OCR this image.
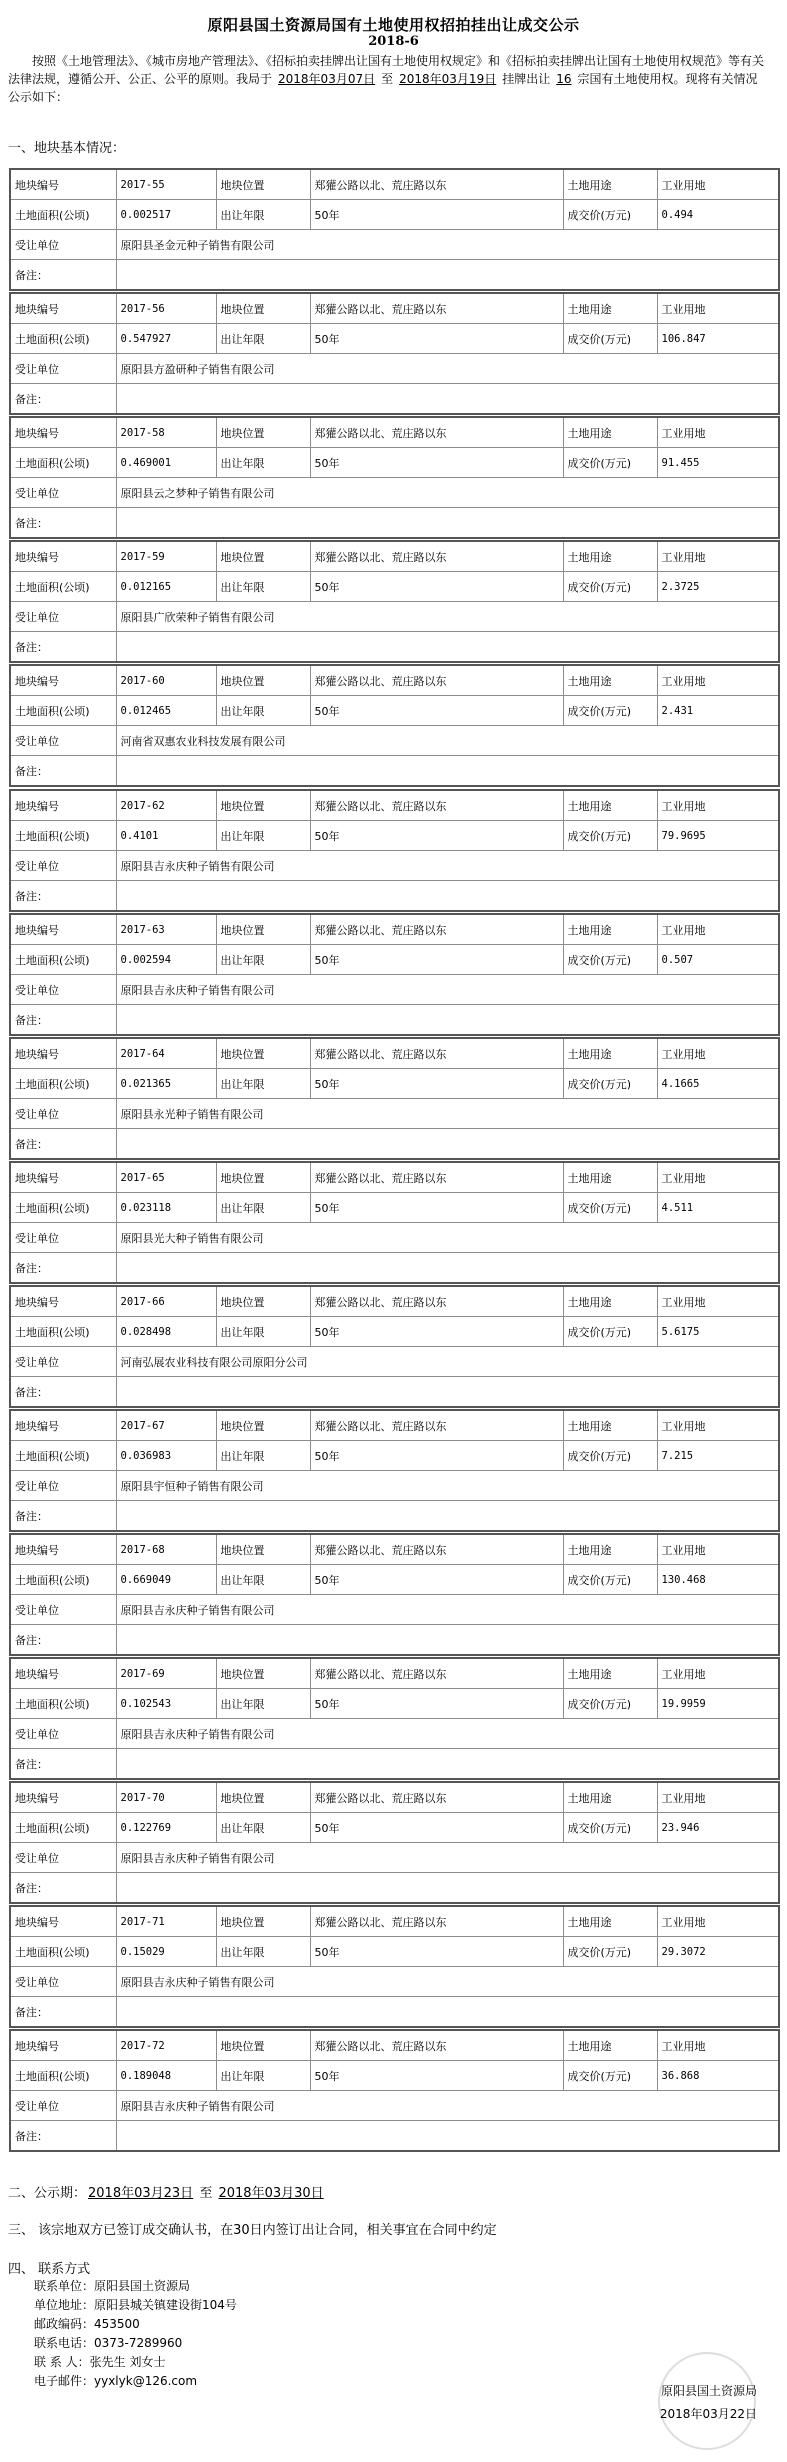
原阳县国土资源局国有土地使用权招拍挂出让成交公示
2018-6
按照《土地管理法》、《城市房地产管理法》、《招标拍卖挂牌出让国有土地使用权规定》和《招标拍卖挂牌出让国有土地使用权规范》等有关法律法规，遵循公开、公正、公平的原则。我局于 2018年03月07日 至 2018年03月19日 挂牌出让 16 宗国有土地使用权。现将有关情况公示如下：
一、地块基本情况：
地块编号	2017-55	地块位置	郑獾公路以北、荒庄路以东	土地用途	工业用地
土地面积(公顷)	0.002517	出让年限	50年	成交价(万元)	0.494
受让单位	原阳县圣金元种子销售有限公司				
备注：					
地块编号	2017-56	地块位置	郑獾公路以北、荒庄路以东	土地用途	工业用地
土地面积(公顷)	0.547927	出让年限	50年	成交价(万元)	106.847
受让单位	原阳县方盈研种子销售有限公司				
备注：					
地块编号	2017-58	地块位置	郑獾公路以北、荒庄路以东	土地用途	工业用地
土地面积(公顷)	0.469001	出让年限	50年	成交价(万元)	91.455
受让单位	原阳县云之梦种子销售有限公司				
备注：					
地块编号	2017-59	地块位置	郑獾公路以北、荒庄路以东	土地用途	工业用地
土地面积(公顷)	0.012165	出让年限	50年	成交价(万元)	2.3725
受让单位	原阳县广欣荣种子销售有限公司				
备注：					
地块编号	2017-60	地块位置	郑獾公路以北、荒庄路以东	土地用途	工业用地
土地面积(公顷)	0.012465	出让年限	50年	成交价(万元)	2.431
受让单位	河南省双惠农业科技发展有限公司				
备注：					
地块编号	2017-62	地块位置	郑獾公路以北、荒庄路以东	土地用途	工业用地
土地面积(公顷)	0.4101	出让年限	50年	成交价(万元)	79.9695
受让单位	原阳县吉永庆种子销售有限公司				
备注：					
地块编号	2017-63	地块位置	郑獾公路以北、荒庄路以东	土地用途	工业用地
土地面积(公顷)	0.002594	出让年限	50年	成交价(万元)	0.507
受让单位	原阳县吉永庆种子销售有限公司				
备注：					
地块编号	2017-64	地块位置	郑獾公路以北、荒庄路以东	土地用途	工业用地
土地面积(公顷)	0.021365	出让年限	50年	成交价(万元)	4.1665
受让单位	原阳县永光种子销售有限公司				
备注：					
地块编号	2017-65	地块位置	郑獾公路以北、荒庄路以东	土地用途	工业用地
土地面积(公顷)	0.023118	出让年限	50年	成交价(万元)	4.511
受让单位	原阳县光大种子销售有限公司				
备注：					
地块编号	2017-66	地块位置	郑獾公路以北、荒庄路以东	土地用途	工业用地
土地面积(公顷)	0.028498	出让年限	50年	成交价(万元)	5.6175
受让单位	河南弘展农业科技有限公司原阳分公司				
备注：					
地块编号	2017-67	地块位置	郑獾公路以北、荒庄路以东	土地用途	工业用地
土地面积(公顷)	0.036983	出让年限	50年	成交价(万元)	7.215
受让单位	原阳县宇恒种子销售有限公司				
备注：					
地块编号	2017-68	地块位置	郑獾公路以北、荒庄路以东	土地用途	工业用地
土地面积(公顷)	0.669049	出让年限	50年	成交价(万元)	130.468
受让单位	原阳县吉永庆种子销售有限公司				
备注：					
地块编号	2017-69	地块位置	郑獾公路以北、荒庄路以东	土地用途	工业用地
土地面积(公顷)	0.102543	出让年限	50年	成交价(万元)	19.9959
受让单位	原阳县吉永庆种子销售有限公司				
备注：					
地块编号	2017-70	地块位置	郑獾公路以北、荒庄路以东	土地用途	工业用地
土地面积(公顷)	0.122769	出让年限	50年	成交价(万元)	23.946
受让单位	原阳县吉永庆种子销售有限公司				
备注：					
地块编号	2017-71	地块位置	郑獾公路以北、荒庄路以东	土地用途	工业用地
土地面积(公顷)	0.15029	出让年限	50年	成交价(万元)	29.3072
受让单位	原阳县吉永庆种子销售有限公司				
备注：					
地块编号	2017-72	地块位置	郑獾公路以北、荒庄路以东	土地用途	工业用地
土地面积(公顷)	0.189048	出让年限	50年	成交价(万元)	36.868
受让单位	原阳县吉永庆种子销售有限公司				
备注：					
二、公示期： 2018年03月23日 至 2018年03月30日
三、 该宗地双方已签订成交确认书，在30日内签订出让合同，相关事宜在合同中约定
四、 联系方式
联系单位：原阳县国土资源局
单位地址：原阳县城关镇建设街104号
邮政编码：453500
联系电话：0373-7289960
联 系 人：张先生 刘女士
电子邮件：yyxlyk@126.com
原阳县国土资源局
2018年03月22日
